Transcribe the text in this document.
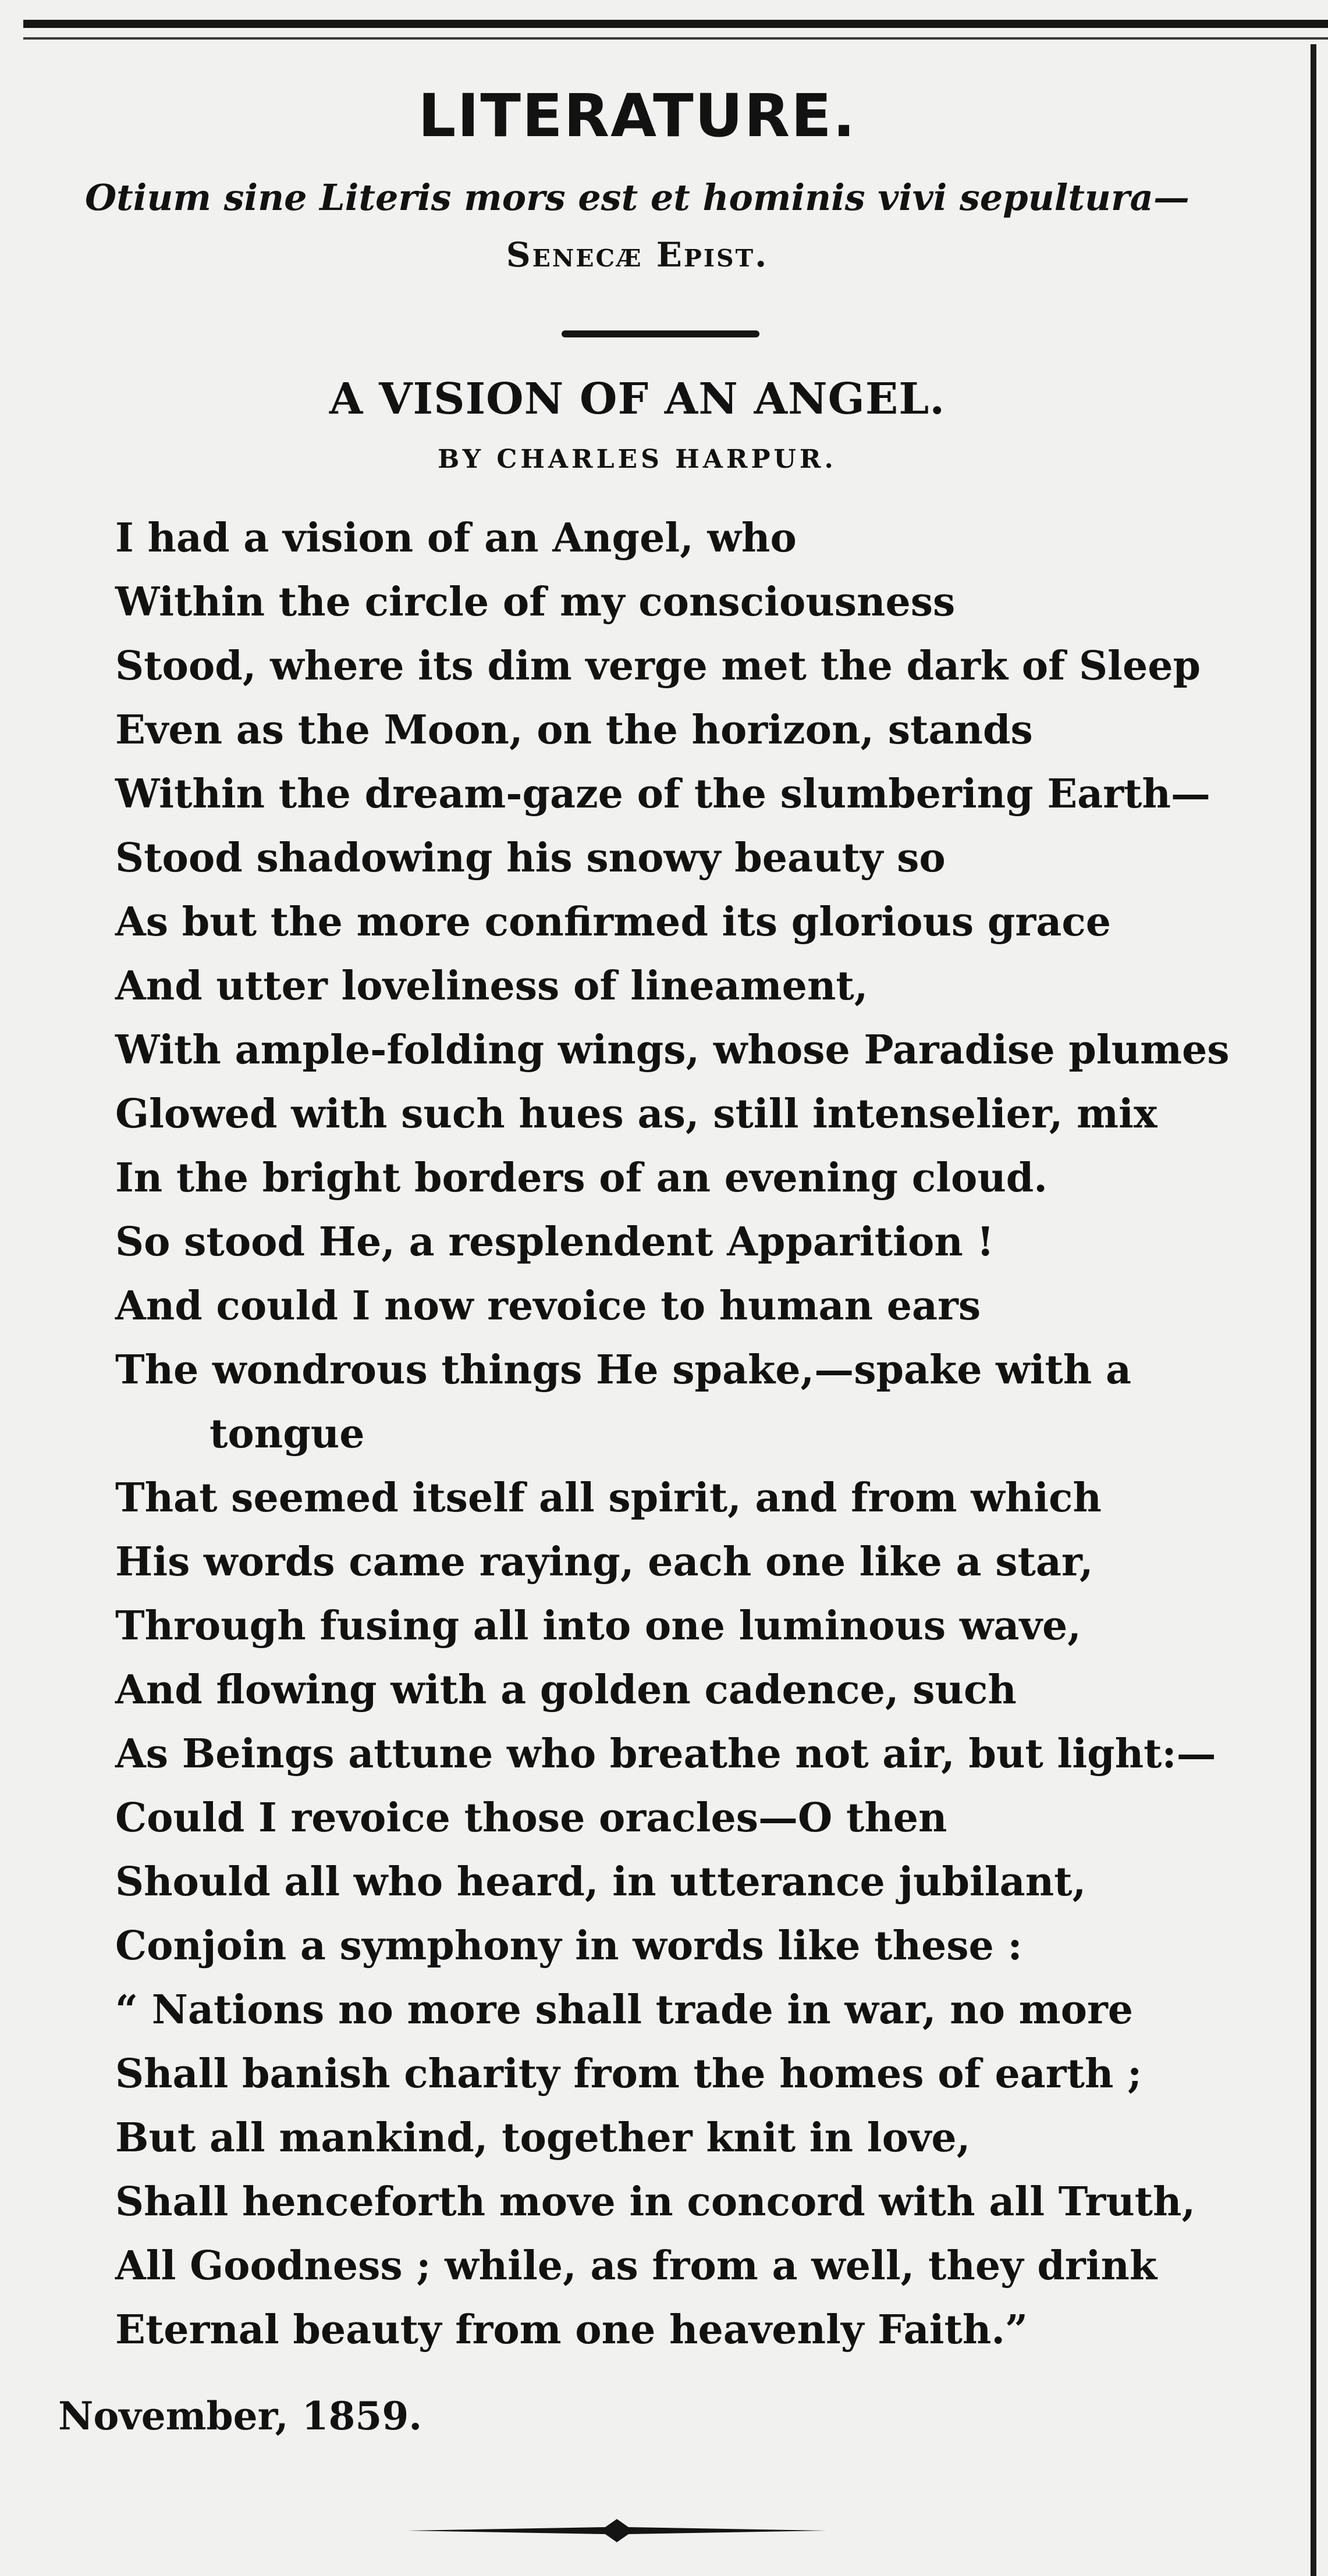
LITERATURE.
Otium sine Literis mors est et hominis vivi sepultura—
Senecæ Epist.
A VISION OF AN ANGEL.
BY CHARLES HARPUR.
I had a vision of an Angel, who
Within the circle of my consciousness
Stood, where its dim verge met the dark of Sleep
Even as the Moon, on the horizon, stands
Within the dream-gaze of the slumbering Earth—
Stood shadowing his snowy beauty so
As but the more confirmed its glorious grace
And utter loveliness of lineament,
With ample-folding wings, whose Paradise plumes
Glowed with such hues as, still intenselier, mix
In the bright borders of an evening cloud.
So stood He, a resplendent Apparition !
And could I now revoice to human ears
The wondrous things He spake,—spake with a
tongue
That seemed itself all spirit, and from which
His words came raying, each one like a star,
Through fusing all into one luminous wave,
And flowing with a golden cadence, such
As Beings attune who breathe not air, but light:—
Could I revoice those oracles—O then
Should all who heard, in utterance jubilant,
Conjoin a symphony in words like these :
“ Nations no more shall trade in war, no more
Shall banish charity from the homes of earth ;
But all mankind, together knit in love,
Shall henceforth move in concord with all Truth,
All Goodness ; while, as from a well, they drink
Eternal beauty from one heavenly Faith.”
November, 1859.
